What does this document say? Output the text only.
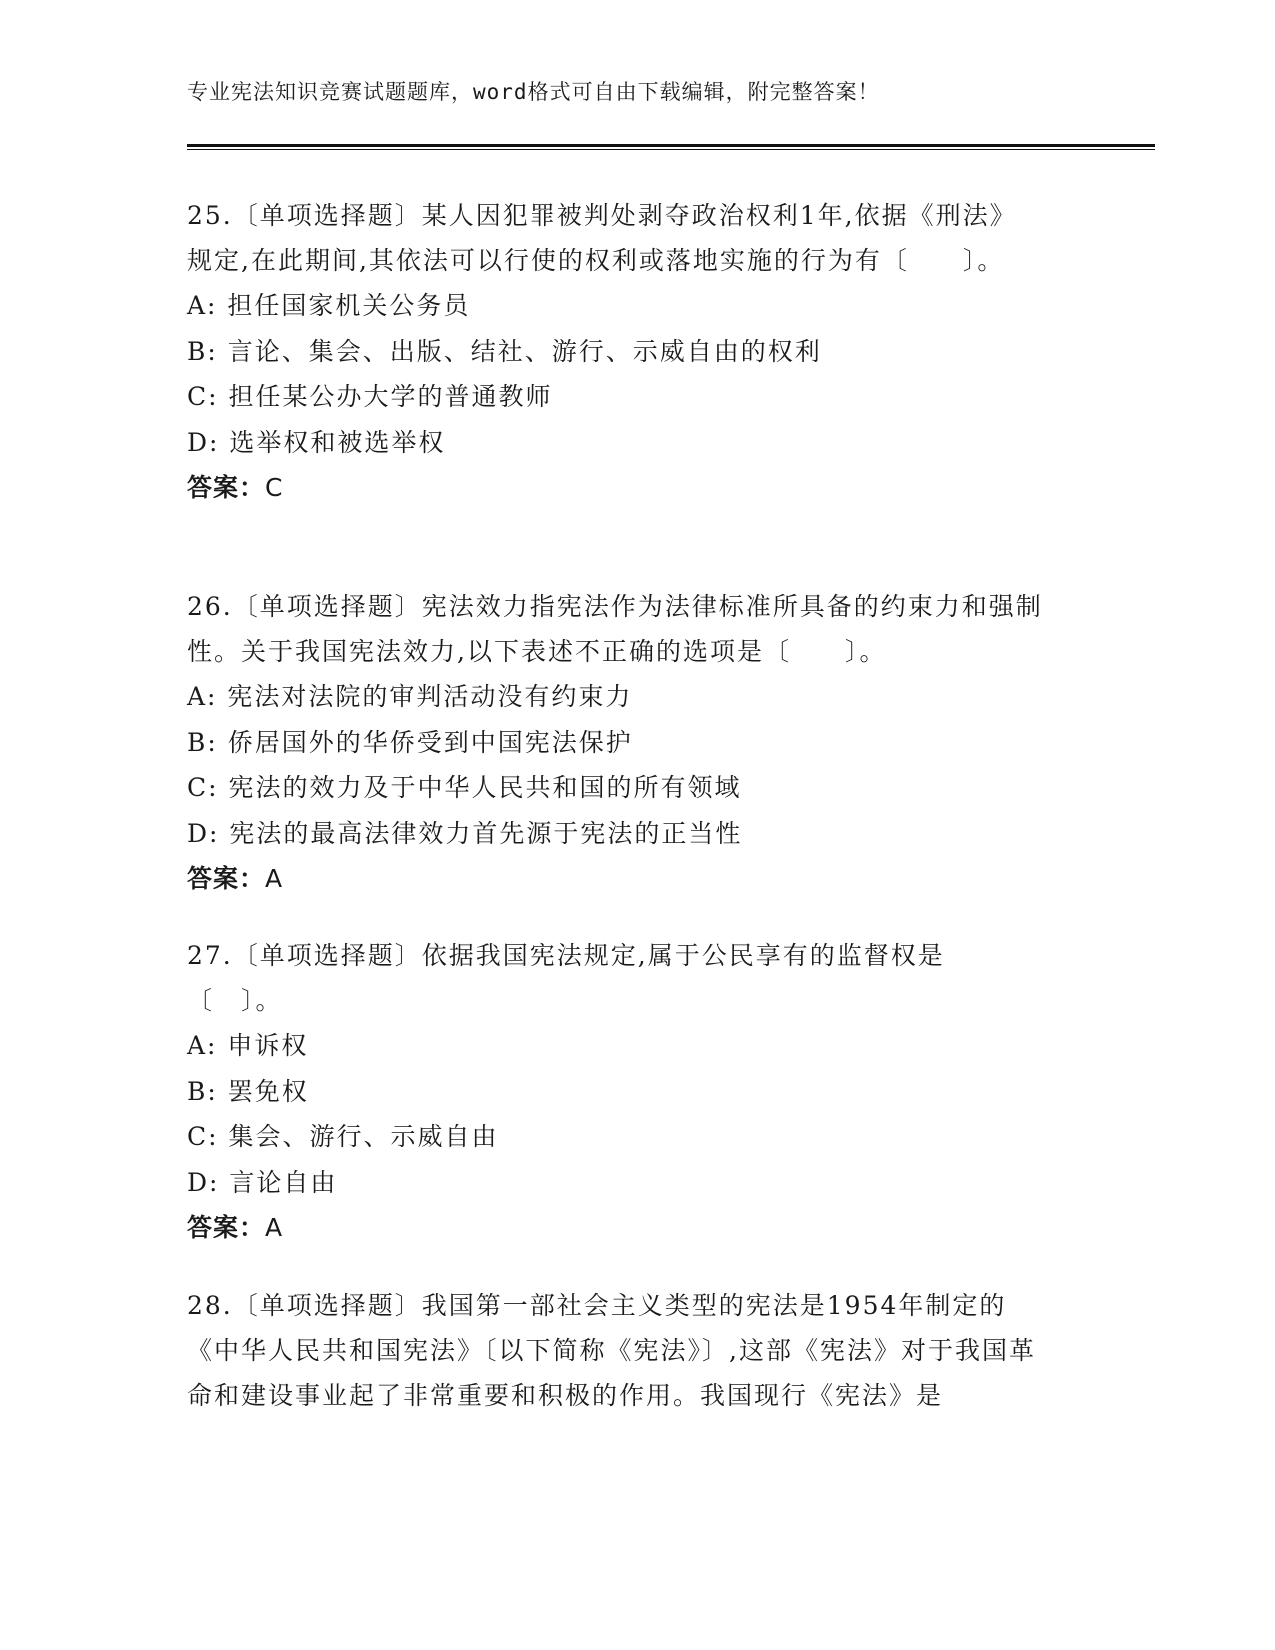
专业宪法知识竞赛试题题库，word格式可自由下载编辑，附完整答案！

25.〔单项选择题〕某人因犯罪被判处剥夺政治权利1年,依据《刑法》规定,在此期间,其依法可以行使的权利或落地实施的行为有〔　　〕。

A: 担任国家机关公务员

B: 言论、集会、出版、结社、游行、示威自由的权利

C: 担任某公办大学的普通教师

D: 选举权和被选举权

答案：C

26.〔单项选择题〕宪法效力指宪法作为法律标准所具备的约束力和强制性。关于我国宪法效力,以下表述不正确的选项是〔　　〕。

A: 宪法对法院的审判活动没有约束力

B: 侨居国外的华侨受到中国宪法保护

C: 宪法的效力及于中华人民共和国的所有领域

D: 宪法的最高法律效力首先源于宪法的正当性

答案：A

27.〔单项选择题〕依据我国宪法规定,属于公民享有的监督权是〔　〕。

A: 申诉权

B: 罢免权

C: 集会、游行、示威自由

D: 言论自由

答案：A

28.〔单项选择题〕我国第一部社会主义类型的宪法是1954年制定的《中华人民共和国宪法》〔以下简称《宪法》〕,这部《宪法》对于我国革命和建设事业起了非常重要和积极的作用。我国现行《宪法》是
